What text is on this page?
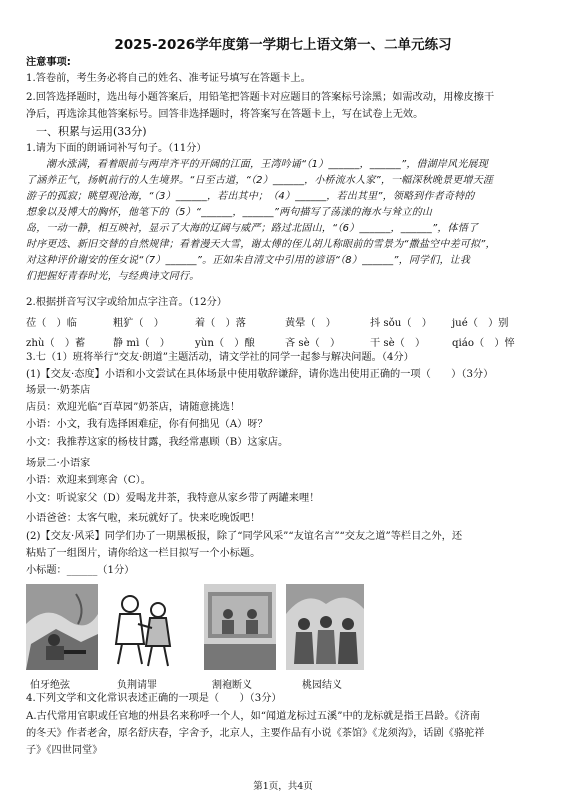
2025-2026学年度第一学期七上语文第一、二单元练习
注意事项:
1.答卷前，考生务必将自己的姓名、准考证号填写在答题卡上。
2.回答选择题时，选出每小题答案后，用铅笔把答题卡对应题目的答案标号涂黑；如需改动，用橡皮擦干
净后，再选涂其他答案标号。回答非选择题时，将答案写在答题卡上，写在试卷上无效。
一、积累与运用(33分)
1.请为下面的朗诵词补写句子。（11分）
潮水涨满，看着眼前与两岸齐平的开阔的江面，王湾吟诵“（1）______，______”，借湖岸风光展现
了涵养正气，扬帆前行的人生境界。“日至古道，“（2）______，小桥流水人家”，一幅深秋晚景更增天涯
游子的孤寂；眺望观沧海，“（3）______，若出其中；（4）______，若出其里”，领略到作者奇特的
想象以及博大的胸怀，他笔下的（5）“______，______”两句描写了荡漾的海水与耸立的山
岛，一动一静，相互映衬，显示了大海的辽阔与威严；路过北固山，“（6）______，______”，体悟了
时序更迭、新旧交替的自然规律；看着漫天大雪，谢太傅的侄儿胡儿称眼前的雪景为“撒盐空中差可拟”，
对这种评价谢安的侄女说“（7）______”。正如朱自清文中引用的谚语“（8）______”，同学们，让我
们把握好青春时光，与经典诗文同行。
2.根据拼音写汉字或给加点字注音。（12分）
莅（　）临	粗犷（　）	着（　）落	黄晕（　）	抖 sǒu（　） jué（　）别
zhù（　）蓄	静 mì（　） yùn（　）酿	吝 sè（　）	干 sè（　）	qiáo（　）悴
3.七（1）班将举行“交友·朗道”主题活动，请文学社的同学一起参与解决问题。（4分）
(1)【交友·态度】小语和小文尝试在具体场景中使用敬辞谦辞，请你选出使用正确的一项（　　）（3分）
场景一·奶茶店
店员：欢迎光临“百草园”奶茶店，请随意挑选！
小语：小文，我有选择困难症，你有何拙见（A）呀？
小文：我推荐这家的杨枝甘露，我经常惠顾（B）这家店。
场景二·小语家
小语：欢迎来到寒舍（C）。
小文：听说家父（D）爱喝龙井茶，我特意从家乡带了两罐来哩！
小语爸爸：太客气啦，来玩就好了。快来吃晚饭吧！
(2)【交友·风采】同学们办了一期黑板报，除了“同学风采”“友谊名言”“交友之道”等栏目之外，还
粘贴了一组图片，请你给这一栏目拟写一个小标题。
小标题：______（1分）
伯牙绝弦	负荆请罪	割袍断义	桃园结义
4.下列文学和文化常识表述正确的一项是（　　）（3分）
A.古代常用官职或任官地的州县名来称呼一个人，如“闻道龙标过五溪”中的龙标就是指王昌龄。《济南
的冬天》作者老舍，原名舒庆春，字舍予，北京人，主要作品有小说《茶馆》《龙须沟》，话剧《骆驼祥
子》《四世同堂》
第1页，共4页
